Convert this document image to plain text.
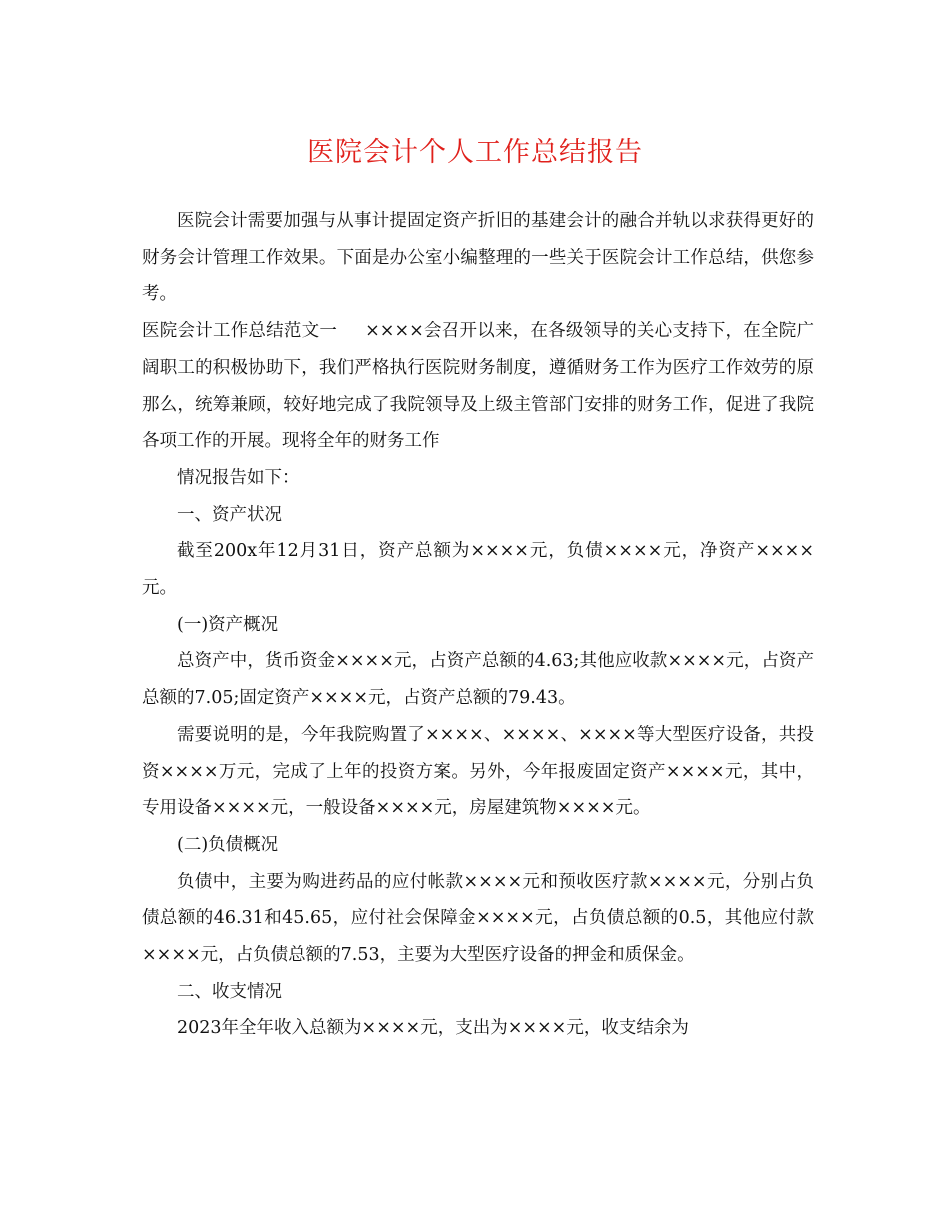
医院会计个人工作总结报告

医院会计需要加强与从事计提固定资产折旧的基建会计的融合并轨以求获得更好的财务会计管理工作效果。下面是办公室小编整理的一些关于医院会计工作总结，供您参考。

医院会计工作总结范文一 ××××会召开以来，在各级领导的关心支持下，在全院广阔职工的积极协助下，我们严格执行医院财务制度，遵循财务工作为医疗工作效劳的原那么，统筹兼顾，较好地完成了我院领导及上级主管部门安排的财务工作，促进了我院各项工作的开展。现将全年的财务工作

情况报告如下：

一、资产状况

截至200x年12月31日，资产总额为××××元，负债××××元，净资产××××元。

(一)资产概况

总资产中，货币资金××××元，占资产总额的4.63;其他应收款××××元，占资产总额的7.05;固定资产××××元，占资产总额的79.43。

需要说明的是，今年我院购置了××××、××××、××××等大型医疗设备，共投资××××万元，完成了上年的投资方案。另外，今年报废固定资产××××元，其中，专用设备××××元，一般设备××××元，房屋建筑物××××元。

(二)负债概况

负债中，主要为购进药品的应付帐款××××元和预收医疗款××××元，分别占负债总额的46.31和45.65，应付社会保障金××××元，占负债总额的0.5，其他应付款××××元，占负债总额的7.53，主要为大型医疗设备的押金和质保金。

二、收支情况

2023年全年收入总额为××××元，支出为××××元，收支结余为
